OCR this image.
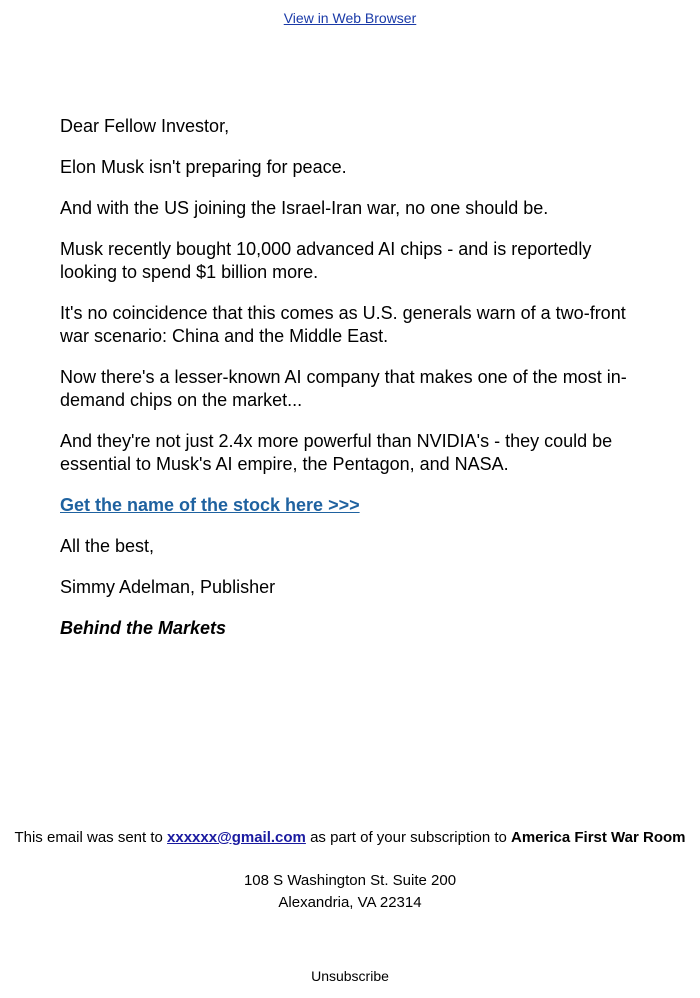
View in Web Browser

Dear Fellow Investor,

Elon Musk isn't preparing for peace.

And with the US joining the Israel-Iran war, no one should be.

Musk recently bought 10,000 advanced AI chips - and is reportedly looking to spend $1 billion more.

It's no coincidence that this comes as U.S. generals warn of a two-front war scenario: China and the Middle East.

Now there's a lesser-known AI company that makes one of the most in-demand chips on the market...

And they're not just 2.4x more powerful than NVIDIA's - they could be essential to Musk's AI empire, the Pentagon, and NASA.

Get the name of the stock here >>>

All the best,

Simmy Adelman, Publisher

Behind the Markets

This email was sent to xxxxxx@gmail.com as part of your subscription to America First War Room
108 S Washington St. Suite 200
Alexandria, VA 22314
Unsubscribe
